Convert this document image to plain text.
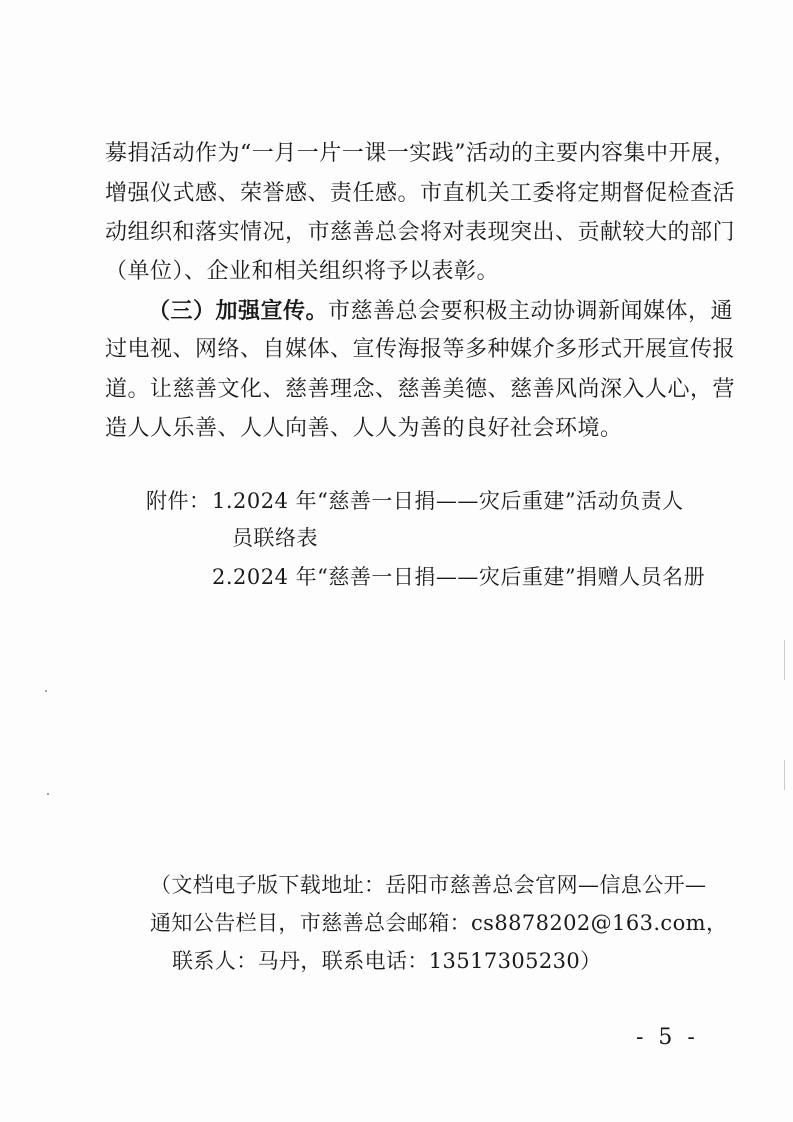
募捐活动作为“一月一片一课一实践”活动的主要内容集中开展，
增强仪式感、荣誉感、责任感。市直机关工委将定期督促检查活
动组织和落实情况，市慈善总会将对表现突出、贡献较大的部门
（单位）、企业和相关组织将予以表彰。
（三）加强宣传。市慈善总会要积极主动协调新闻媒体，通
过电视、网络、自媒体、宣传海报等多种媒介多形式开展宣传报
道。让慈善文化、慈善理念、慈善美德、慈善风尚深入人心，营
造人人乐善、人人向善、人人为善的良好社会环境。
附件： 1.2024 年“慈善一日捐——灾后重建”活动负责人
员联络表
2.2024 年“慈善一日捐——灾后重建”捐赠人员名册
（文档电子版下载地址：岳阳市慈善总会官网—信息公开—
通知公告栏目，市慈善总会邮箱：cs8878202@163.com，
联系人：马丹，联系电话：13517305230）
- 5 -
